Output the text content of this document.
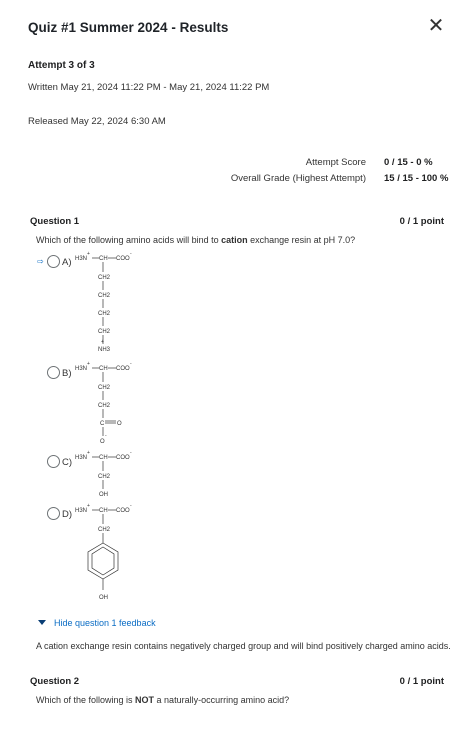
Quiz #1 Summer 2024 - Results	✕
Attempt 3 of 3
Written May 21, 2024 11:22 PM - May 21, 2024 11:22 PM
Released May 22, 2024 6:30 AM
Attempt Score 0 / 15 - 0 %
Overall Grade (Highest Attempt) 15 / 15 - 100 %
Question 1	0 / 1 point
Which of the following amino acids will bind to cation exchange resin at pH 7.0?
⇨ A) H3N
+
CH COO
-
CH2
CH2
CH2
CH2
NH3
+
B) H3N
+
CH COO
-
CH2
CH2
C O
O
-
C) H3N
+
CH COO
-
CH2
OH
D) H3N
+
CH COO
-
CH2
OH
Hide question 1 feedback
A cation exchange resin contains negatively charged group and will bind positively charged amino acids.
Question 2	0 / 1 point
Which of the following is NOT a naturally-occurring amino acid?
